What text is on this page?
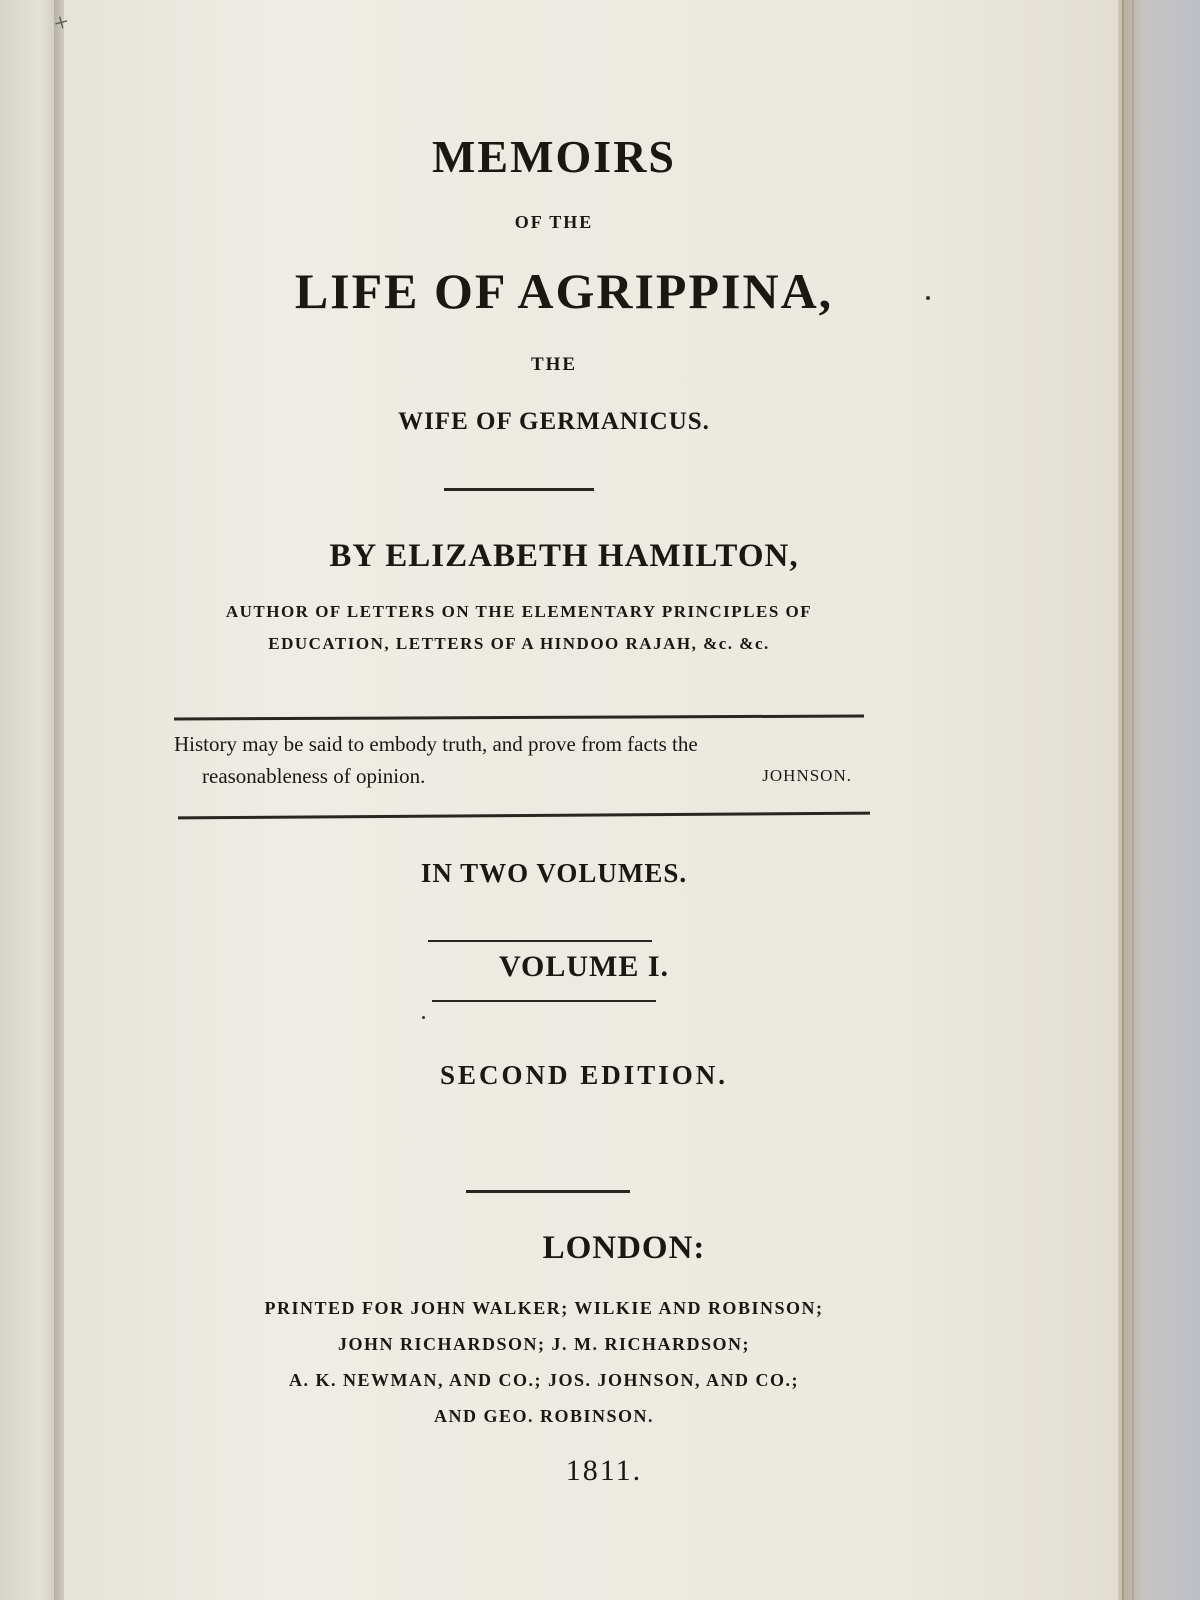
+
MEMOIRS
OF THE
LIFE OF AGRIPPINA,
THE
WIFE OF GERMANICUS.
BY ELIZABETH HAMILTON,
AUTHOR OF LETTERS ON THE ELEMENTARY PRINCIPLES OF
EDUCATION, LETTERS OF A HINDOO RAJAH, &c. &c.
History may be said to embody truth, and prove from facts the
reasonableness of opinion.	JOHNSON.
IN TWO VOLUMES.
VOLUME I.
SECOND EDITION.
LONDON:
PRINTED FOR JOHN WALKER; WILKIE AND ROBINSON;
JOHN RICHARDSON; J. M. RICHARDSON;
A. K. NEWMAN, AND CO.; JOS. JOHNSON, AND CO.;
AND GEO. ROBINSON.
1811.
